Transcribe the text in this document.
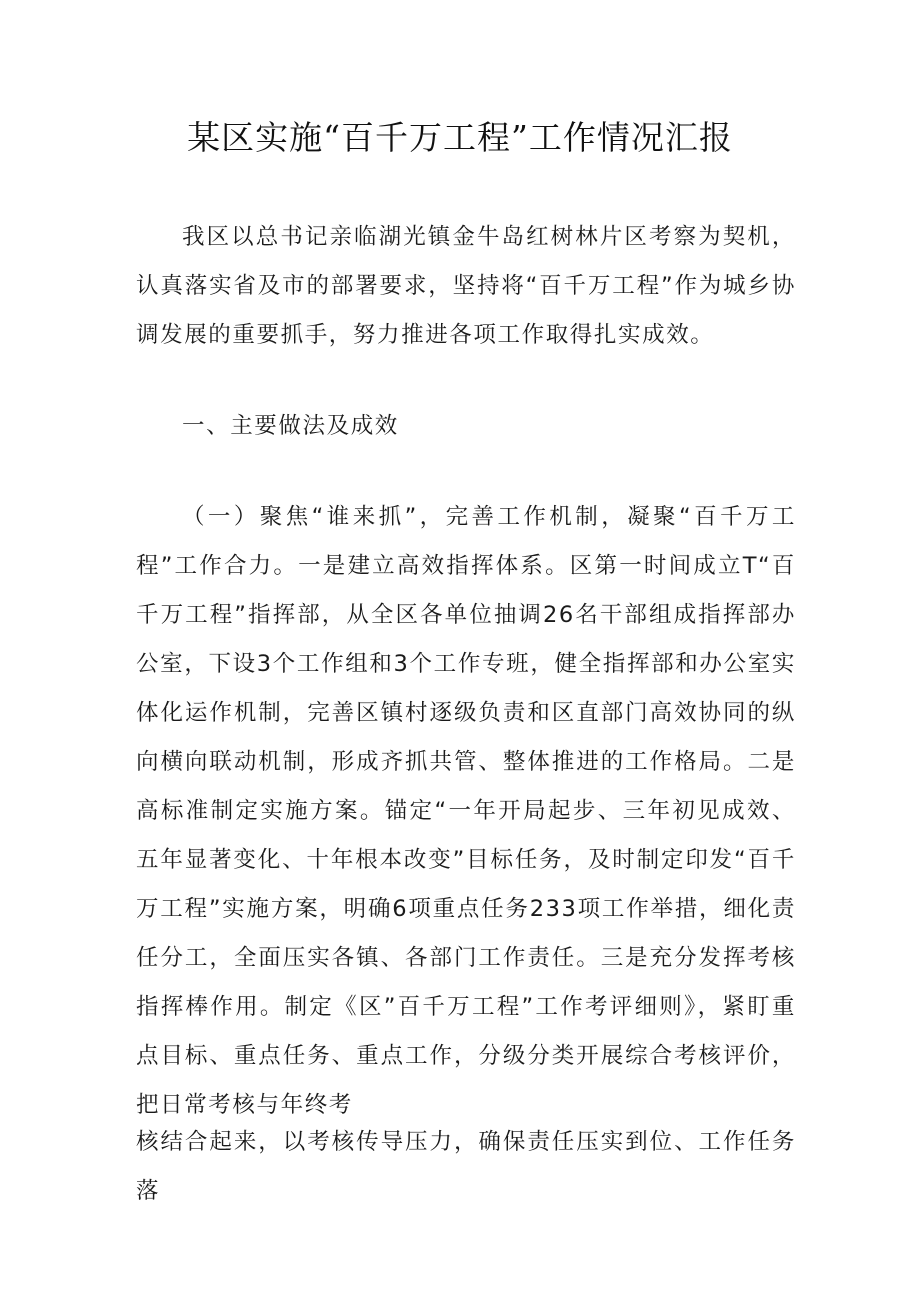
某区实施“百千万工程”工作情况汇报
我区以总书记亲临湖光镇金牛岛红树林片区考察为契机，认真落实省及市的部署要求，坚持将“百千万工程”作为城乡协调发展的重要抓手，努力推进各项工作取得扎实成效。
一、主要做法及成效
（一）聚焦“谁来抓”，完善工作机制，凝聚“百千万工程”工作合力。一是建立高效指挥体系。区第一时间成立T“百千万工程”指挥部，从全区各单位抽调26名干部组成指挥部办公室，下设3个工作组和3个工作专班，健全指挥部和办公室实体化运作机制，完善区镇村逐级负责和区直部门高效协同的纵向横向联动机制，形成齐抓共管、整体推进的工作格局。二是高标准制定实施方案。锚定“一年开局起步、三年初见成效、五年显著变化、十年根本改变”目标任务，及时制定印发“百千万工程”实施方案，明确6项重点任务233项工作举措，细化责任分工，全面压实各镇、各部门工作责任。三是充分发挥考核指挥棒作用。制定《区”百千万工程”工作考评细则》，紧盯重点目标、重点任务、重点工作，分级分类开展综合考核评价，把日常考核与年终考
核结合起来，以考核传导压力，确保责任压实到位、工作任务落
